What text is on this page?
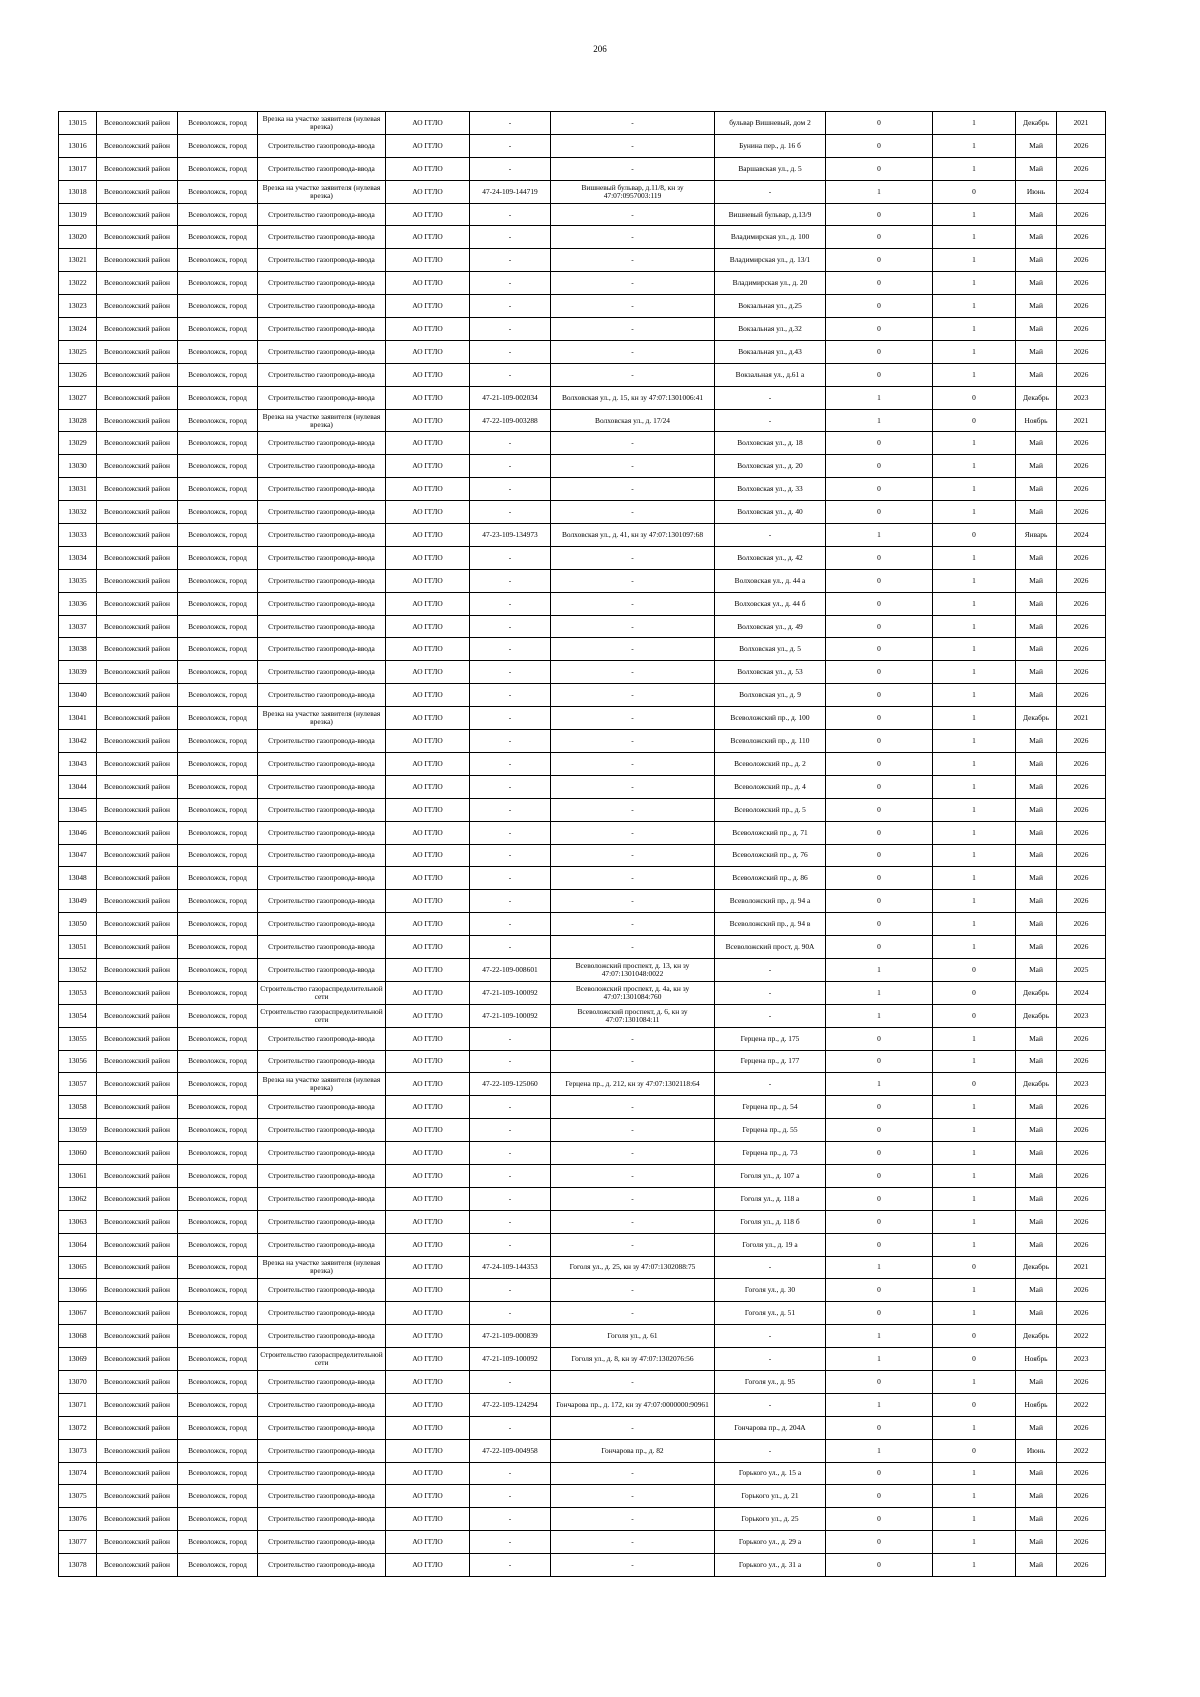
206
13015	Всеволожский район	Всеволожск, город	Врезка на участке заявителя (нулевая врезка)	АО ГГЛО	-	-	бульвар Вишневый, дом 2	0	1	Декабрь	2021
13016	Всеволожский район	Всеволожск, город	Строительство газопровода-ввода	АО ГГЛО	-	-	Бунина пер., д. 16 б	0	1	Май	2026
13017	Всеволожский район	Всеволожск, город	Строительство газопровода-ввода	АО ГГЛО	-	-	Варшавская ул., д. 5	0	1	Май	2026
13018	Всеволожский район	Всеволожск, город	Врезка на участке заявителя (нулевая врезка)	АО ГГЛО	47-24-109-144719	Вишневый бульвар, д.11/8, кн зу 47:07:0957003:119	-	1	0	Июнь	2024
13019	Всеволожский район	Всеволожск, город	Строительство газопровода-ввода	АО ГГЛО	-	-	Вишневый бульвар, д.13/9	0	1	Май	2026
13020	Всеволожский район	Всеволожск, город	Строительство газопровода-ввода	АО ГГЛО	-	-	Владимирская ул., д. 100	0	1	Май	2026
13021	Всеволожский район	Всеволожск, город	Строительство газопровода-ввода	АО ГГЛО	-	-	Владимирская ул., д. 13/1	0	1	Май	2026
13022	Всеволожский район	Всеволожск, город	Строительство газопровода-ввода	АО ГГЛО	-	-	Владимирская ул., д. 20	0	1	Май	2026
13023	Всеволожский район	Всеволожск, город	Строительство газопровода-ввода	АО ГГЛО	-	-	Вокзальная ул., д.25	0	1	Май	2026
13024	Всеволожский район	Всеволожск, город	Строительство газопровода-ввода	АО ГГЛО	-	-	Вокзальная ул., д.32	0	1	Май	2026
13025	Всеволожский район	Всеволожск, город	Строительство газопровода-ввода	АО ГГЛО	-	-	Вокзальная ул., д.43	0	1	Май	2026
13026	Всеволожский район	Всеволожск, город	Строительство газопровода-ввода	АО ГГЛО	-	-	Вокзальная ул., д.61 а	0	1	Май	2026
13027	Всеволожский район	Всеволожск, город	Строительство газопровода-ввода	АО ГГЛО	47-21-109-002034	Волховская ул., д. 15, кн зу 47:07:1301006:41	-	1	0	Декабрь	2023
13028	Всеволожский район	Всеволожск, город	Врезка на участке заявителя (нулевая врезка)	АО ГГЛО	47-22-109-003288	Волховская ул., д. 17/24	-	1	0	Ноябрь	2021
13029	Всеволожский район	Всеволожск, город	Строительство газопровода-ввода	АО ГГЛО	-	-	Волховская ул., д. 18	0	1	Май	2026
13030	Всеволожский район	Всеволожск, город	Строительство газопровода-ввода	АО ГГЛО	-	-	Волховская ул., д. 20	0	1	Май	2026
13031	Всеволожский район	Всеволожск, город	Строительство газопровода-ввода	АО ГГЛО	-	-	Волховская ул., д. 33	0	1	Май	2026
13032	Всеволожский район	Всеволожск, город	Строительство газопровода-ввода	АО ГГЛО	-	-	Волховская ул., д. 40	0	1	Май	2026
13033	Всеволожский район	Всеволожск, город	Строительство газопровода-ввода	АО ГГЛО	47-23-109-134973	Волховская ул., д. 41, кн зу 47:07:1301097:68	-	1	0	Январь	2024
13034	Всеволожский район	Всеволожск, город	Строительство газопровода-ввода	АО ГГЛО	-	-	Волховская ул., д. 42	0	1	Май	2026
13035	Всеволожский район	Всеволожск, город	Строительство газопровода-ввода	АО ГГЛО	-	-	Волховская ул., д. 44 а	0	1	Май	2026
13036	Всеволожский район	Всеволожск, город	Строительство газопровода-ввода	АО ГГЛО	-	-	Волховская ул., д. 44 б	0	1	Май	2026
13037	Всеволожский район	Всеволожск, город	Строительство газопровода-ввода	АО ГГЛО	-	-	Волховская ул., д. 49	0	1	Май	2026
13038	Всеволожский район	Всеволожск, город	Строительство газопровода-ввода	АО ГГЛО	-	-	Волховская ул., д. 5	0	1	Май	2026
13039	Всеволожский район	Всеволожск, город	Строительство газопровода-ввода	АО ГГЛО	-	-	Волховская ул., д. 53	0	1	Май	2026
13040	Всеволожский район	Всеволожск, город	Строительство газопровода-ввода	АО ГГЛО	-	-	Волховская ул., д. 9	0	1	Май	2026
13041	Всеволожский район	Всеволожск, город	Врезка на участке заявителя (нулевая врезка)	АО ГГЛО	-	-	Всеволожский пр., д. 100	0	1	Декабрь	2021
13042	Всеволожский район	Всеволожск, город	Строительство газопровода-ввода	АО ГГЛО	-	-	Всеволожский пр., д. 110	0	1	Май	2026
13043	Всеволожский район	Всеволожск, город	Строительство газопровода-ввода	АО ГГЛО	-	-	Всеволожский пр., д. 2	0	1	Май	2026
13044	Всеволожский район	Всеволожск, город	Строительство газопровода-ввода	АО ГГЛО	-	-	Всеволожский пр., д. 4	0	1	Май	2026
13045	Всеволожский район	Всеволожск, город	Строительство газопровода-ввода	АО ГГЛО	-	-	Всеволожский пр., д. 5	0	1	Май	2026
13046	Всеволожский район	Всеволожск, город	Строительство газопровода-ввода	АО ГГЛО	-	-	Всеволожский пр., д. 71	0	1	Май	2026
13047	Всеволожский район	Всеволожск, город	Строительство газопровода-ввода	АО ГГЛО	-	-	Всеволожский пр., д. 76	0	1	Май	2026
13048	Всеволожский район	Всеволожск, город	Строительство газопровода-ввода	АО ГГЛО	-	-	Всеволожский пр., д. 86	0	1	Май	2026
13049	Всеволожский район	Всеволожск, город	Строительство газопровода-ввода	АО ГГЛО	-	-	Всеволожский пр., д. 94 а	0	1	Май	2026
13050	Всеволожский район	Всеволожск, город	Строительство газопровода-ввода	АО ГГЛО	-	-	Всеволожский пр., д. 94 в	0	1	Май	2026
13051	Всеволожский район	Всеволожск, город	Строительство газопровода-ввода	АО ГГЛО	-	-	Всеволожский прост, д. 90А	0	1	Май	2026
13052	Всеволожский район	Всеволожск, город	Строительство газопровода-ввода	АО ГГЛО	47-22-109-008601	Всеволожский проспект, д. 13, кн зу 47:07:1301048:0022	-	1	0	Май	2025
13053	Всеволожский район	Всеволожск, город	Строительство газораспределительной сети	АО ГГЛО	47-21-109-100092	Всеволожский проспект, д. 4а, кн зу 47:07:1301084:760	-	1	0	Декабрь	2024
13054	Всеволожский район	Всеволожск, город	Строительство газораспределительной сети	АО ГГЛО	47-21-109-100092	Всеволожский проспект, д. 6, кн зу 47:07:1301084:11	-	1	0	Декабрь	2023
13055	Всеволожский район	Всеволожск, город	Строительство газопровода-ввода	АО ГГЛО	-	-	Герцена пр., д. 175	0	1	Май	2026
13056	Всеволожский район	Всеволожск, город	Строительство газопровода-ввода	АО ГГЛО	-	-	Герцена пр., д. 177	0	1	Май	2026
13057	Всеволожский район	Всеволожск, город	Врезка на участке заявителя (нулевая врезка)	АО ГГЛО	47-22-109-125060	Герцена пр., д. 212, кн зу 47:07:1302118:64	-	1	0	Декабрь	2023
13058	Всеволожский район	Всеволожск, город	Строительство газопровода-ввода	АО ГГЛО	-	-	Герцена пр., д. 54	0	1	Май	2026
13059	Всеволожский район	Всеволожск, город	Строительство газопровода-ввода	АО ГГЛО	-	-	Герцена пр., д. 55	0	1	Май	2026
13060	Всеволожский район	Всеволожск, город	Строительство газопровода-ввода	АО ГГЛО	-	-	Герцена пр., д. 73	0	1	Май	2026
13061	Всеволожский район	Всеволожск, город	Строительство газопровода-ввода	АО ГГЛО	-	-	Гоголя ул., д. 107 а	0	1	Май	2026
13062	Всеволожский район	Всеволожск, город	Строительство газопровода-ввода	АО ГГЛО	-	-	Гоголя ул., д. 118 а	0	1	Май	2026
13063	Всеволожский район	Всеволожск, город	Строительство газопровода-ввода	АО ГГЛО	-	-	Гоголя ул., д. 118 б	0	1	Май	2026
13064	Всеволожский район	Всеволожск, город	Строительство газопровода-ввода	АО ГГЛО	-	-	Гоголя ул., д. 19 а	0	1	Май	2026
13065	Всеволожский район	Всеволожск, город	Врезка на участке заявителя (нулевая врезка)	АО ГГЛО	47-24-109-144353	Гоголя ул., д. 25, кн зу 47:07:1302088:75	-	1	0	Декабрь	2021
13066	Всеволожский район	Всеволожск, город	Строительство газопровода-ввода	АО ГГЛО	-	-	Гоголя ул., д. 30	0	1	Май	2026
13067	Всеволожский район	Всеволожск, город	Строительство газопровода-ввода	АО ГГЛО	-	-	Гоголя ул., д. 51	0	1	Май	2026
13068	Всеволожский район	Всеволожск, город	Строительство газопровода-ввода	АО ГГЛО	47-21-109-000839	Гоголя ул., д. 61	-	1	0	Декабрь	2022
13069	Всеволожский район	Всеволожск, город	Строительство газораспределительной сети	АО ГГЛО	47-21-109-100092	Гоголя ул., д. 8, кн зу 47:07:1302076:56	-	1	0	Ноябрь	2023
13070	Всеволожский район	Всеволожск, город	Строительство газопровода-ввода	АО ГГЛО	-	-	Гоголя ул., д. 95	0	1	Май	2026
13071	Всеволожский район	Всеволожск, город	Строительство газопровода-ввода	АО ГГЛО	47-22-109-124294	Гончарова пр., д. 172, кн зу 47:07:0000000:90961	-	1	0	Ноябрь	2022
13072	Всеволожский район	Всеволожск, город	Строительство газопровода-ввода	АО ГГЛО	-	-	Гончарова пр., д. 204А	0	1	Май	2026
13073	Всеволожский район	Всеволожск, город	Строительство газопровода-ввода	АО ГГЛО	47-22-109-004958	Гончарова пр., д. 82	-	1	0	Июнь	2022
13074	Всеволожский район	Всеволожск, город	Строительство газопровода-ввода	АО ГГЛО	-	-	Горького ул., д. 15 а	0	1	Май	2026
13075	Всеволожский район	Всеволожск, город	Строительство газопровода-ввода	АО ГГЛО	-	-	Горького ул., д. 21	0	1	Май	2026
13076	Всеволожский район	Всеволожск, город	Строительство газопровода-ввода	АО ГГЛО	-	-	Горького ул., д. 25	0	1	Май	2026
13077	Всеволожский район	Всеволожск, город	Строительство газопровода-ввода	АО ГГЛО	-	-	Горького ул., д. 29 а	0	1	Май	2026
13078	Всеволожский район	Всеволожск, город	Строительство газопровода-ввода	АО ГГЛО	-	-	Горького ул., д. 31 а	0	1	Май	2026
